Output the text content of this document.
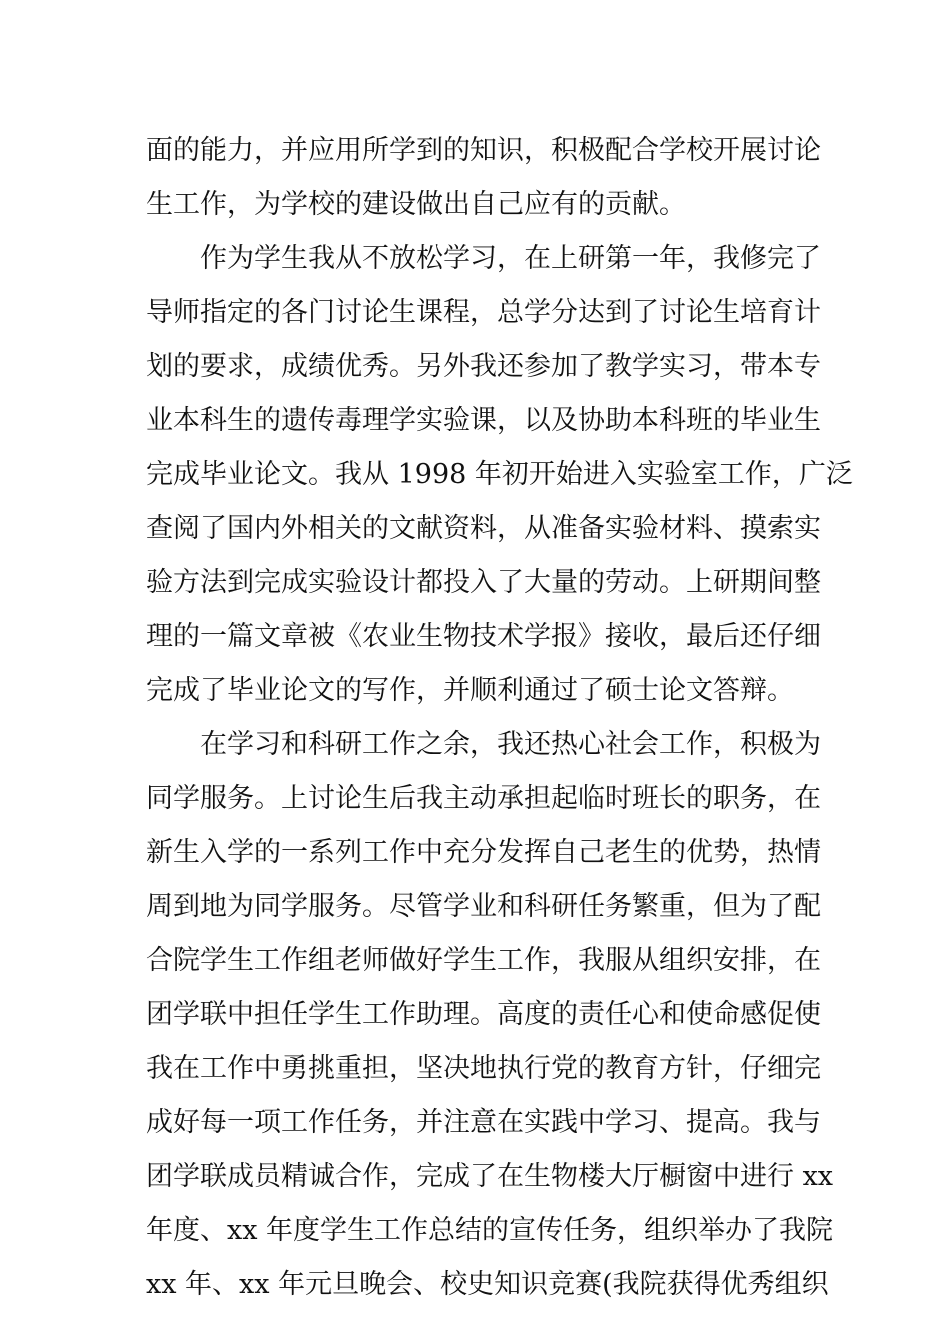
面的能力，并应用所学到的知识，积极配合学校开展讨论
生工作，为学校的建设做出自己应有的贡献。
作为学生我从不放松学习，在上研第一年，我修完了
导师指定的各门讨论生课程，总学分达到了讨论生培育计
划的要求，成绩优秀。另外我还参加了教学实习，带本专
业本科生的遗传毒理学实验课，以及协助本科班的毕业生
完成毕业论文。我从 1998 年初开始进入实验室工作，广泛
查阅了国内外相关的文献资料，从准备实验材料、摸索实
验方法到完成实验设计都投入了大量的劳动。上研期间整
理的一篇文章被《农业生物技术学报》接收，最后还仔细
完成了毕业论文的写作，并顺利通过了硕士论文答辩。
在学习和科研工作之余，我还热心社会工作，积极为
同学服务。上讨论生后我主动承担起临时班长的职务，在
新生入学的一系列工作中充分发挥自己老生的优势，热情
周到地为同学服务。尽管学业和科研任务繁重，但为了配
合院学生工作组老师做好学生工作，我服从组织安排，在
团学联中担任学生工作助理。高度的责任心和使命感促使
我在工作中勇挑重担，坚决地执行党的教育方针，仔细完
成好每一项工作任务，并注意在实践中学习、提高。我与
团学联成员精诚合作，完成了在生物楼大厅橱窗中进行 xx
年度、xx 年度学生工作总结的宣传任务，组织举办了我院
xx 年、xx 年元旦晚会、校史知识竞赛(我院获得优秀组织
